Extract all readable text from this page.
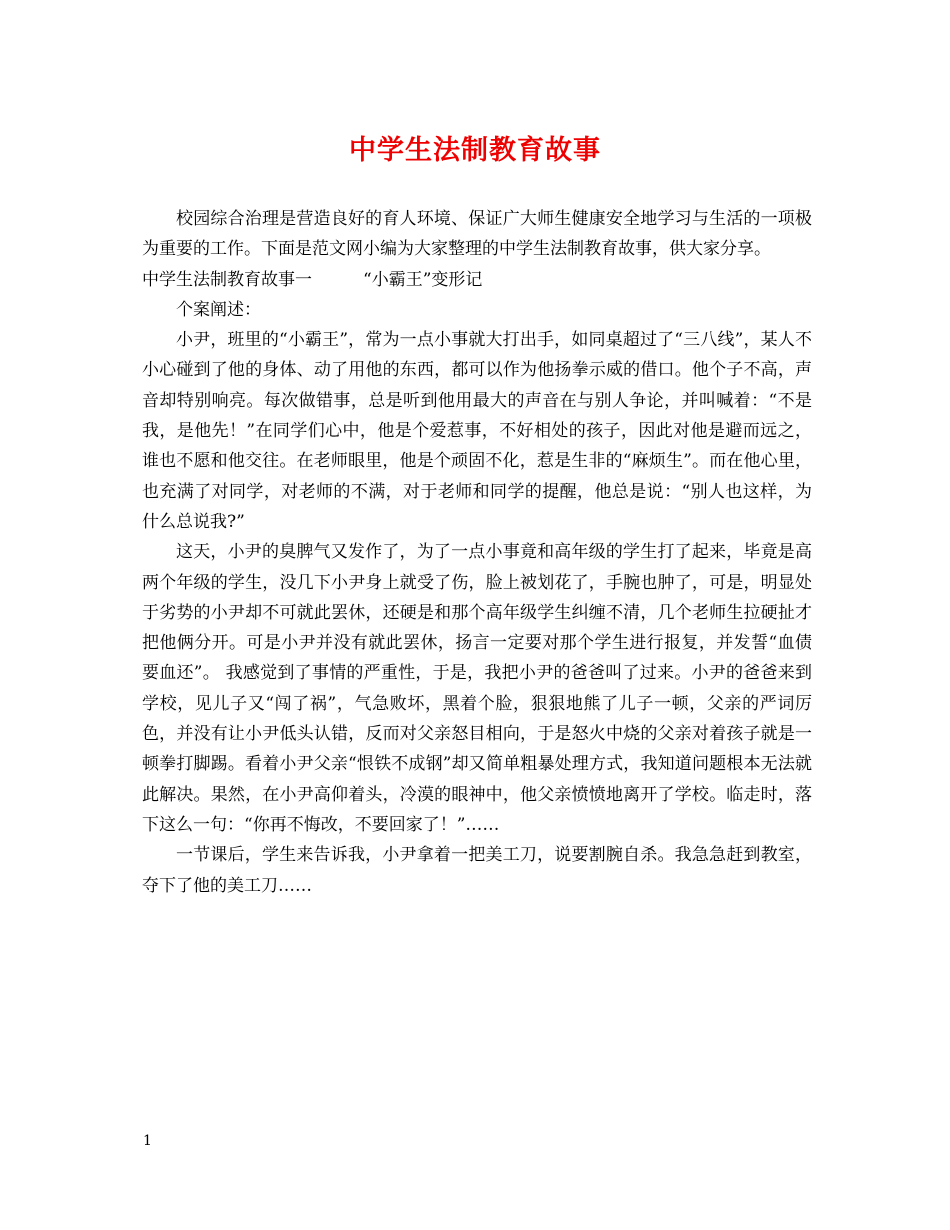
中学生法制教育故事

校园综合治理是营造良好的育人环境、保证广大师生健康安全地学习与生活的一项极为重要的工作。下面是范文网小编为大家整理的中学生法制教育故事，供大家分享。

中学生法制教育故事一　　　“小霸王”变形记

个案阐述：

小尹，班里的“小霸王”，常为一点小事就大打出手，如同桌超过了“三八线”，某人不小心碰到了他的身体、动了用他的东西，都可以作为他扬拳示威的借口。他个子不高，声音却特别响亮。每次做错事，总是听到他用最大的声音在与别人争论，并叫喊着：“不是我，是他先！”在同学们心中，他是个爱惹事，不好相处的孩子，因此对他是避而远之，谁也不愿和他交往。在老师眼里，他是个顽固不化，惹是生非的“麻烦生”。而在他心里，也充满了对同学，对老师的不满，对于老师和同学的提醒，他总是说：“别人也这样，为什么总说我?”

这天，小尹的臭脾气又发作了，为了一点小事竟和高年级的学生打了起来，毕竟是高两个年级的学生，没几下小尹身上就受了伤，脸上被划花了，手腕也肿了，可是，明显处于劣势的小尹却不可就此罢休，还硬是和那个高年级学生纠缠不清，几个老师生拉硬扯才把他俩分开。可是小尹并没有就此罢休，扬言一定要对那个学生进行报复，并发誓“血债要血还”。 我感觉到了事情的严重性，于是，我把小尹的爸爸叫了过来。小尹的爸爸来到学校，见儿子又“闯了祸”，气急败坏，黑着个脸，狠狠地熊了儿子一顿，父亲的严词厉色，并没有让小尹低头认错，反而对父亲怒目相向，于是怒火中烧的父亲对着孩子就是一顿拳打脚踢。看着小尹父亲“恨铁不成钢”却又简单粗暴处理方式，我知道问题根本无法就此解决。果然，在小尹高仰着头，冷漠的眼神中，他父亲愤愤地离开了学校。临走时，落下这么一句：“你再不悔改，不要回家了！”……

一节课后，学生来告诉我，小尹拿着一把美工刀，说要割腕自杀。我急急赶到教室，夺下了他的美工刀……

1
